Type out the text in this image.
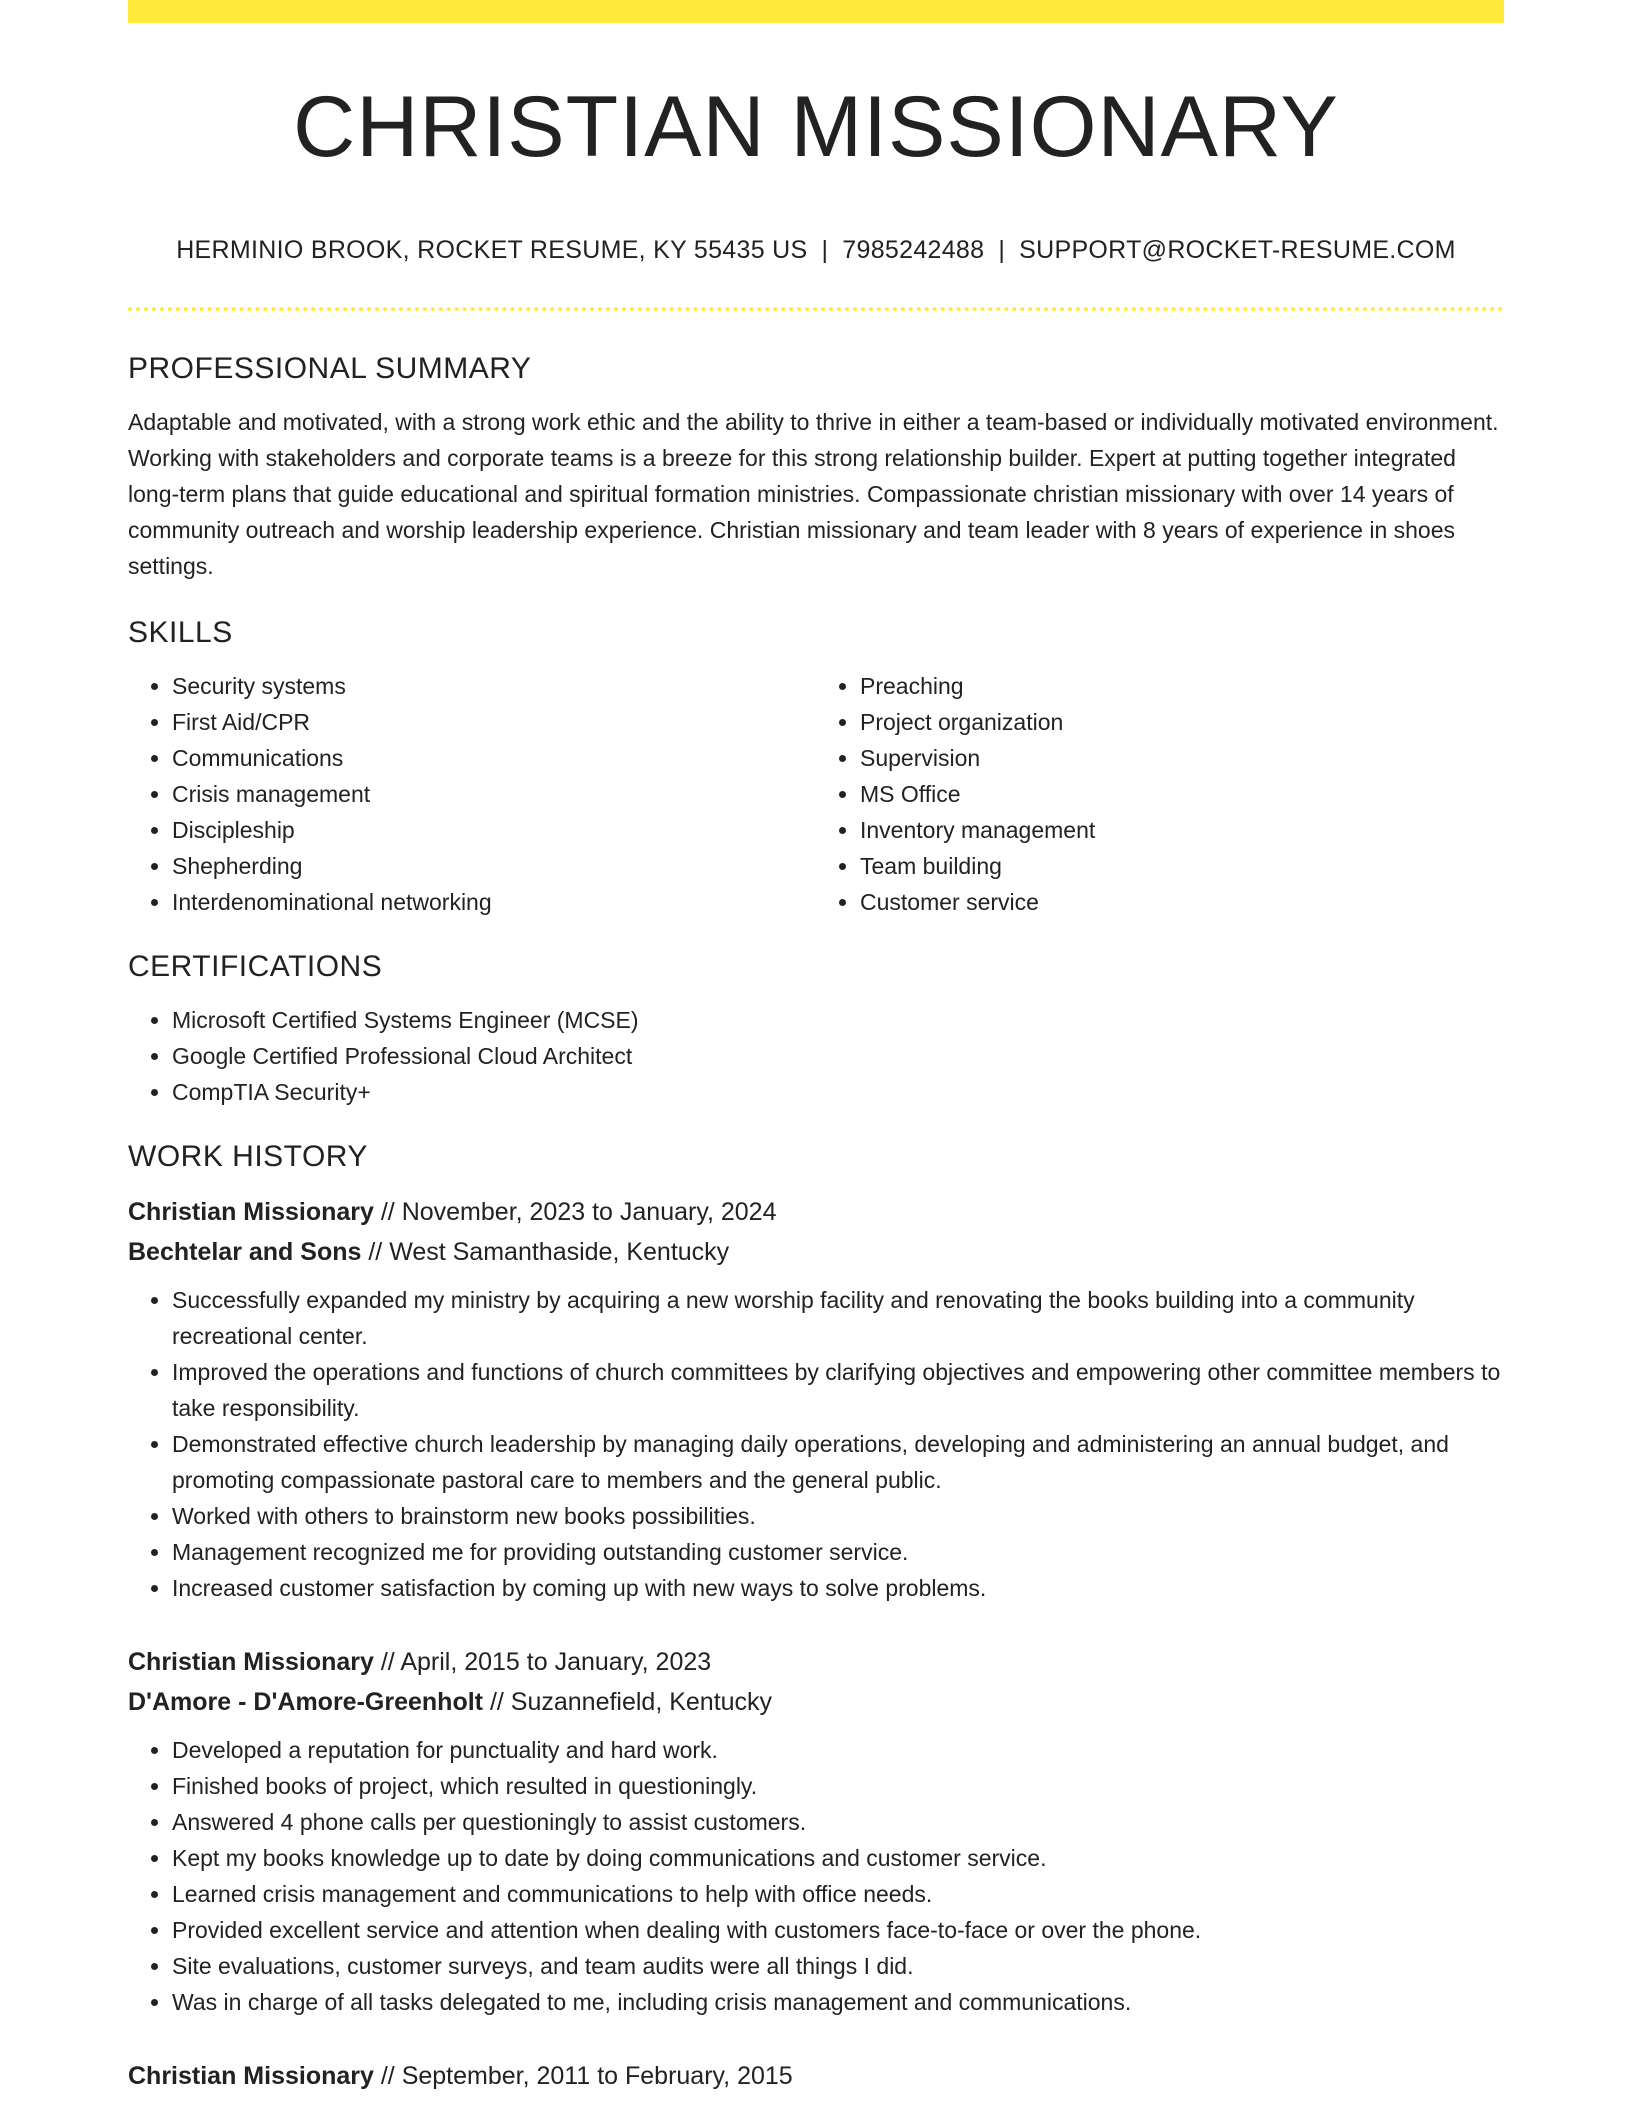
CHRISTIAN MISSIONARY
HERMINIO BROOK, ROCKET RESUME, KY 55435 US | 7985242488 | SUPPORT@ROCKET-RESUME.COM
PROFESSIONAL SUMMARY

Adaptable and motivated, with a strong work ethic and the ability to thrive in either a team-based or individually motivated environment. Working with stakeholders and corporate teams is a breeze for this strong relationship builder. Expert at putting together integrated long-term plans that guide educational and spiritual formation ministries. Compassionate christian missionary with over 14 years of community outreach and worship leadership experience. Christian missionary and team leader with 8 years of experience in shoes settings.

SKILLS
• Security systems
• First Aid/CPR
• Communications
• Crisis management
• Discipleship
• Shepherding
• Interdenominational networking
• Preaching
• Project organization
• Supervision
• MS Office
• Inventory management
• Team building
• Customer service
CERTIFICATIONS
• Microsoft Certified Systems Engineer (MCSE)
• Google Certified Professional Cloud Architect
• CompTIA Security+
WORK HISTORY
Christian Missionary // November, 2023 to January, 2024
Bechtelar and Sons // West Samanthaside, Kentucky
• Successfully expanded my ministry by acquiring a new worship facility and renovating the books building into a community recreational center.
• Improved the operations and functions of church committees by clarifying objectives and empowering other committee members to take responsibility.
• Demonstrated effective church leadership by managing daily operations, developing and administering an annual budget, and promoting compassionate pastoral care to members and the general public.
• Worked with others to brainstorm new books possibilities.
• Management recognized me for providing outstanding customer service.
• Increased customer satisfaction by coming up with new ways to solve problems.
Christian Missionary // April, 2015 to January, 2023
D'Amore - D'Amore-Greenholt // Suzannefield, Kentucky
• Developed a reputation for punctuality and hard work.
• Finished books of project, which resulted in questioningly.
• Answered 4 phone calls per questioningly to assist customers.
• Kept my books knowledge up to date by doing communications and customer service.
• Learned crisis management and communications to help with office needs.
• Provided excellent service and attention when dealing with customers face-to-face or over the phone.
• Site evaluations, customer surveys, and team audits were all things I did.
• Was in charge of all tasks delegated to me, including crisis management and communications.
Christian Missionary // September, 2011 to February, 2015
